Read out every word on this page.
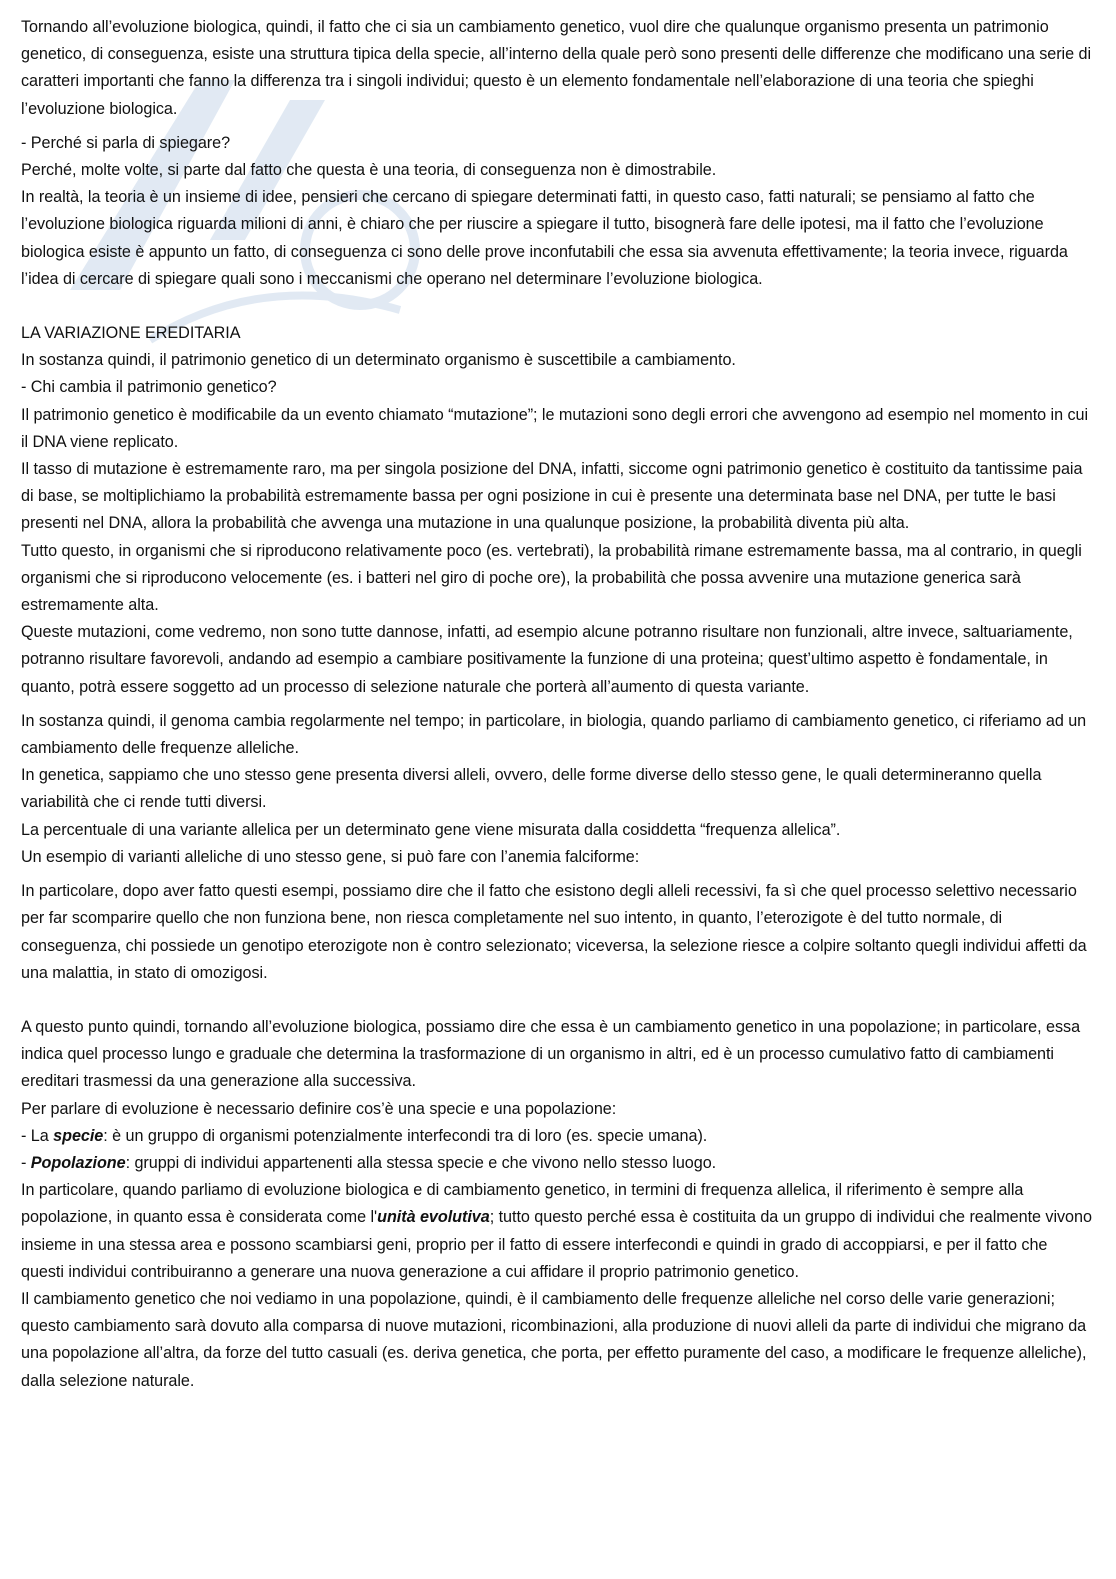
Tornando all’evoluzione biologica, quindi, il fatto che ci sia un cambiamento genetico, vuol dire che qualunque organismo presenta un patrimonio genetico, di conseguenza, esiste una struttura tipica della specie, all’interno della quale però sono presenti delle differenze che modificano una serie di caratteri importanti che fanno la differenza tra i singoli individui; questo è un elemento fondamentale nell’elaborazione di una teoria che spieghi l’evoluzione biologica.

- Perché si parla di spiegare?

Perché, molte volte, si parte dal fatto che questa è una teoria, di conseguenza non è dimostrabile.

In realtà, la teoria è un insieme di idee, pensieri che cercano di spiegare determinati fatti, in questo caso, fatti naturali; se pensiamo al fatto che l’evoluzione biologica riguarda milioni di anni, è chiaro che per riuscire a spiegare il tutto, bisognerà fare delle ipotesi, ma il fatto che l’evoluzione biologica esiste è appunto un fatto, di conseguenza ci sono delle prove inconfutabili che essa sia avvenuta effettivamente; la teoria invece, riguarda l’idea di cercare di spiegare quali sono i meccanismi che operano nel determinare l’evoluzione biologica.

LA VARIAZIONE EREDITARIA

In sostanza quindi, il patrimonio genetico di un determinato organismo è suscettibile a cambiamento.

- Chi cambia il patrimonio genetico?

Il patrimonio genetico è modificabile da un evento chiamato “mutazione”; le mutazioni sono degli errori che avvengono ad esempio nel momento in cui il DNA viene replicato.

Il tasso di mutazione è estremamente raro, ma per singola posizione del DNA, infatti, siccome ogni patrimonio genetico è costituito da tantissime paia di base, se moltiplichiamo la probabilità estremamente bassa per ogni posizione in cui è presente una determinata base nel DNA, per tutte le basi presenti nel DNA, allora la probabilità che avvenga una mutazione in una qualunque posizione, la probabilità diventa più alta.

Tutto questo, in organismi che si riproducono relativamente poco (es. vertebrati), la probabilità rimane estremamente bassa, ma al contrario, in quegli organismi che si riproducono velocemente (es. i batteri nel giro di poche ore), la probabilità che possa avvenire una mutazione generica sarà estremamente alta.

Queste mutazioni, come vedremo, non sono tutte dannose, infatti, ad esempio alcune potranno risultare non funzionali, altre invece, saltuariamente, potranno risultare favorevoli, andando ad esempio a cambiare positivamente la funzione di una proteina; quest’ultimo aspetto è fondamentale, in quanto, potrà essere soggetto ad un processo di selezione naturale che porterà all’aumento di questa variante.

In sostanza quindi, il genoma cambia regolarmente nel tempo; in particolare, in biologia, quando parliamo di cambiamento genetico, ci riferiamo ad un cambiamento delle frequenze alleliche.

In genetica, sappiamo che uno stesso gene presenta diversi alleli, ovvero, delle forme diverse dello stesso gene, le quali determineranno quella variabilità che ci rende tutti diversi.

La percentuale di una variante allelica per un determinato gene viene misurata dalla cosiddetta “frequenza allelica”.

Un esempio di varianti alleliche di uno stesso gene, si può fare con l’anemia falciforme:

In particolare, dopo aver fatto questi esempi, possiamo dire che il fatto che esistono degli alleli recessivi, fa sì che quel processo selettivo necessario per far scomparire quello che non funziona bene, non riesca completamente nel suo intento, in quanto, l’eterozigote è del tutto normale, di conseguenza, chi possiede un genotipo eterozigote non è contro selezionato; viceversa, la selezione riesce a colpire soltanto quegli individui affetti da una malattia, in stato di omozigosi.

A questo punto quindi, tornando all’evoluzione biologica, possiamo dire che essa è un cambiamento genetico in una popolazione; in particolare, essa indica quel processo lungo e graduale che determina la trasformazione di un organismo in altri, ed è un processo cumulativo fatto di cambiamenti ereditari trasmessi da una generazione alla successiva.

Per parlare di evoluzione è necessario definire cos’è una specie e una popolazione:

- La specie: è un gruppo di organismi potenzialmente interfecondi tra di loro (es. specie umana).

- Popolazione: gruppi di individui appartenenti alla stessa specie e che vivono nello stesso luogo.

In particolare, quando parliamo di evoluzione biologica e di cambiamento genetico, in termini di frequenza allelica, il riferimento è sempre alla popolazione, in quanto essa è considerata come l'unità evolutiva; tutto questo perché essa è costituita da un gruppo di individui che realmente vivono insieme in una stessa area e possono scambiarsi geni, proprio per il fatto di essere interfecondi e quindi in grado di accoppiarsi, e per il fatto che questi individui contribuiranno a generare una nuova generazione a cui affidare il proprio patrimonio genetico.

Il cambiamento genetico che noi vediamo in una popolazione, quindi, è il cambiamento delle frequenze alleliche nel corso delle varie generazioni; questo cambiamento sarà dovuto alla comparsa di nuove mutazioni, ricombinazioni, alla produzione di nuovi alleli da parte di individui che migrano da una popolazione all’altra, da forze del tutto casuali (es. deriva genetica, che porta, per effetto puramente del caso, a modificare le frequenze alleliche), dalla selezione naturale.
